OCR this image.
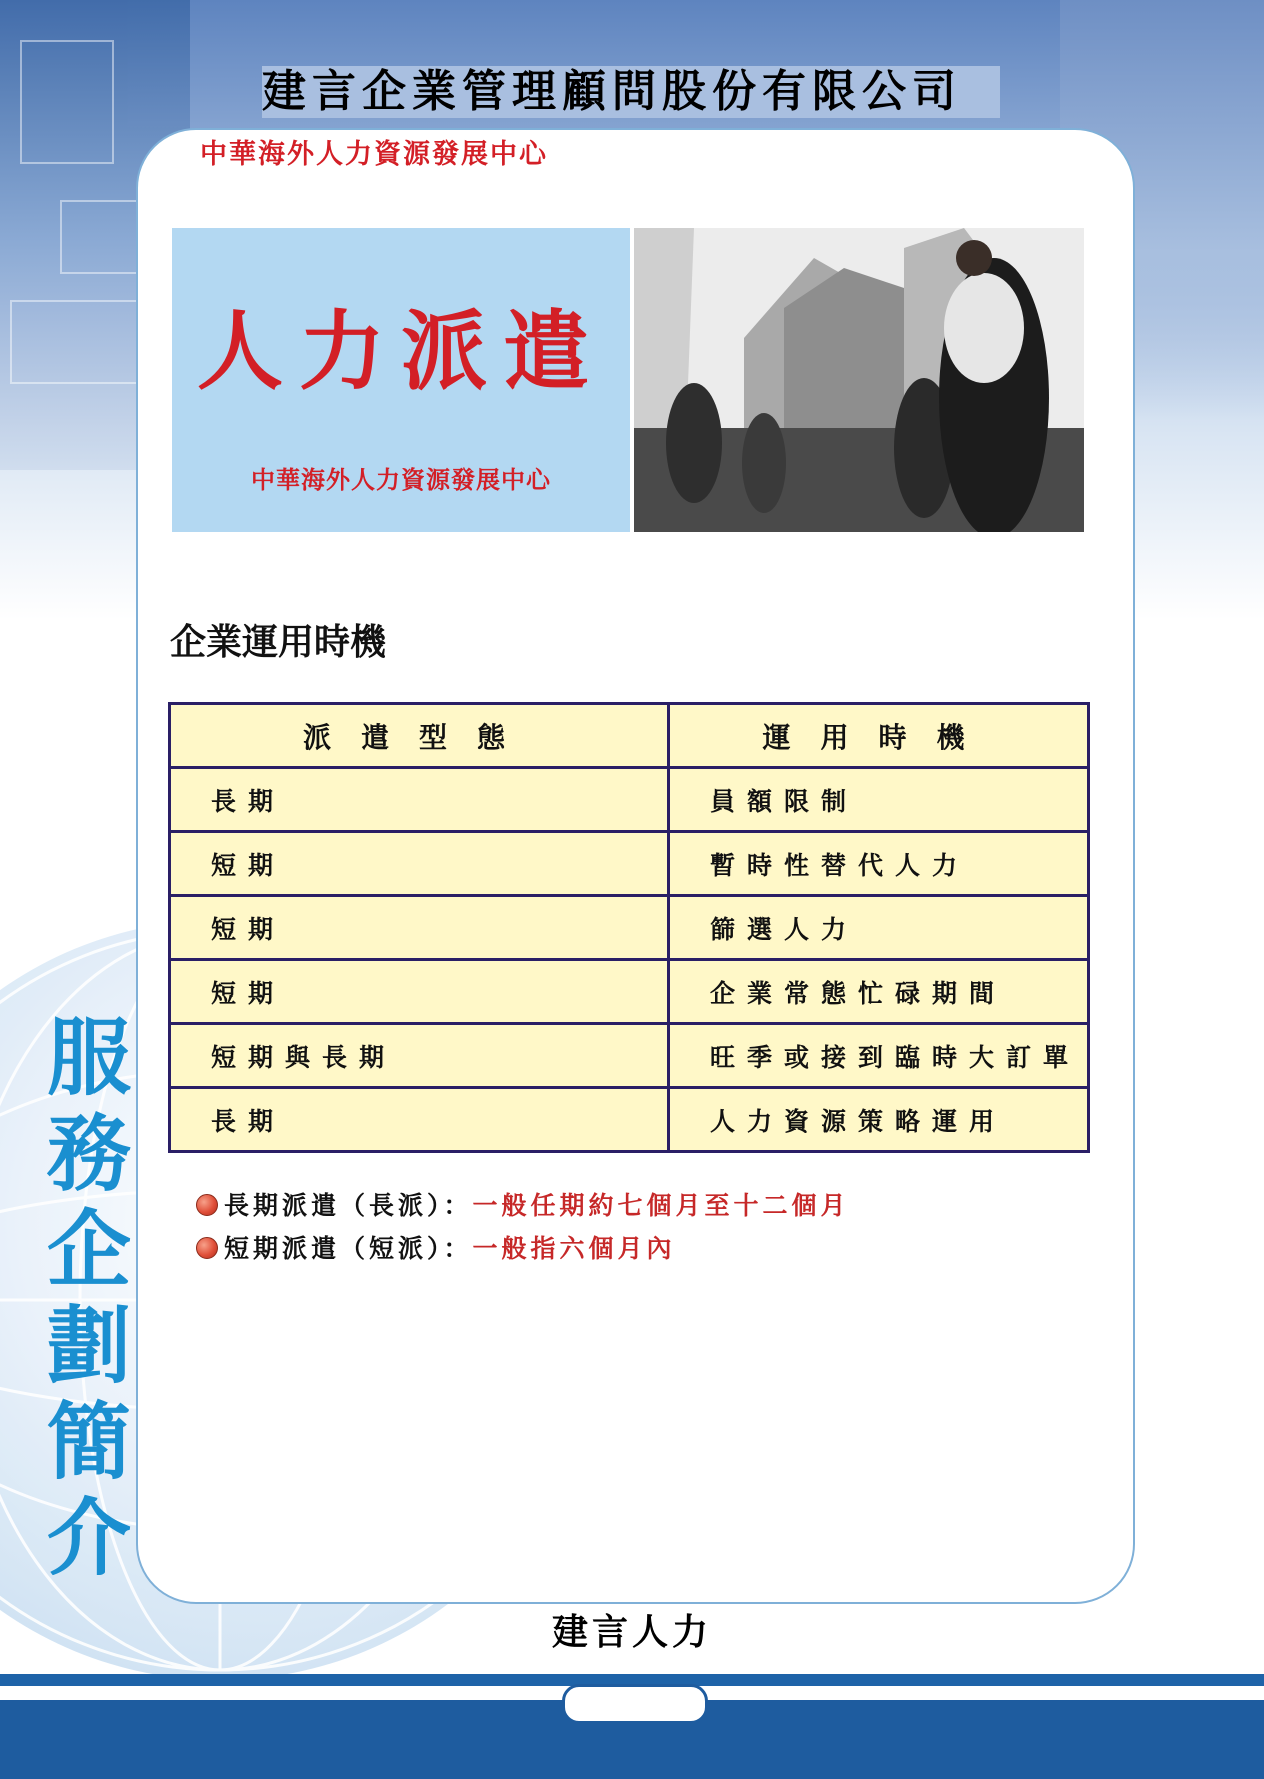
建言企業管理顧問股份有限公司
中華海外人力資源發展中心
人力派遣
中華海外人力資源發展中心
企業運用時機
派遣型態	運用時機
長期	員額限制
短期	暫時性替代人力
短期	篩選人力
短期	企業常態忙碌期間
短期與長期	旺季或接到臨時大訂單
長期	人力資源策略運用
長期派遣（長派）：一般任期約七個月至十二個月
短期派遣（短派）：一般指六個月內
服
務
企
劃
簡
介
建言人力
